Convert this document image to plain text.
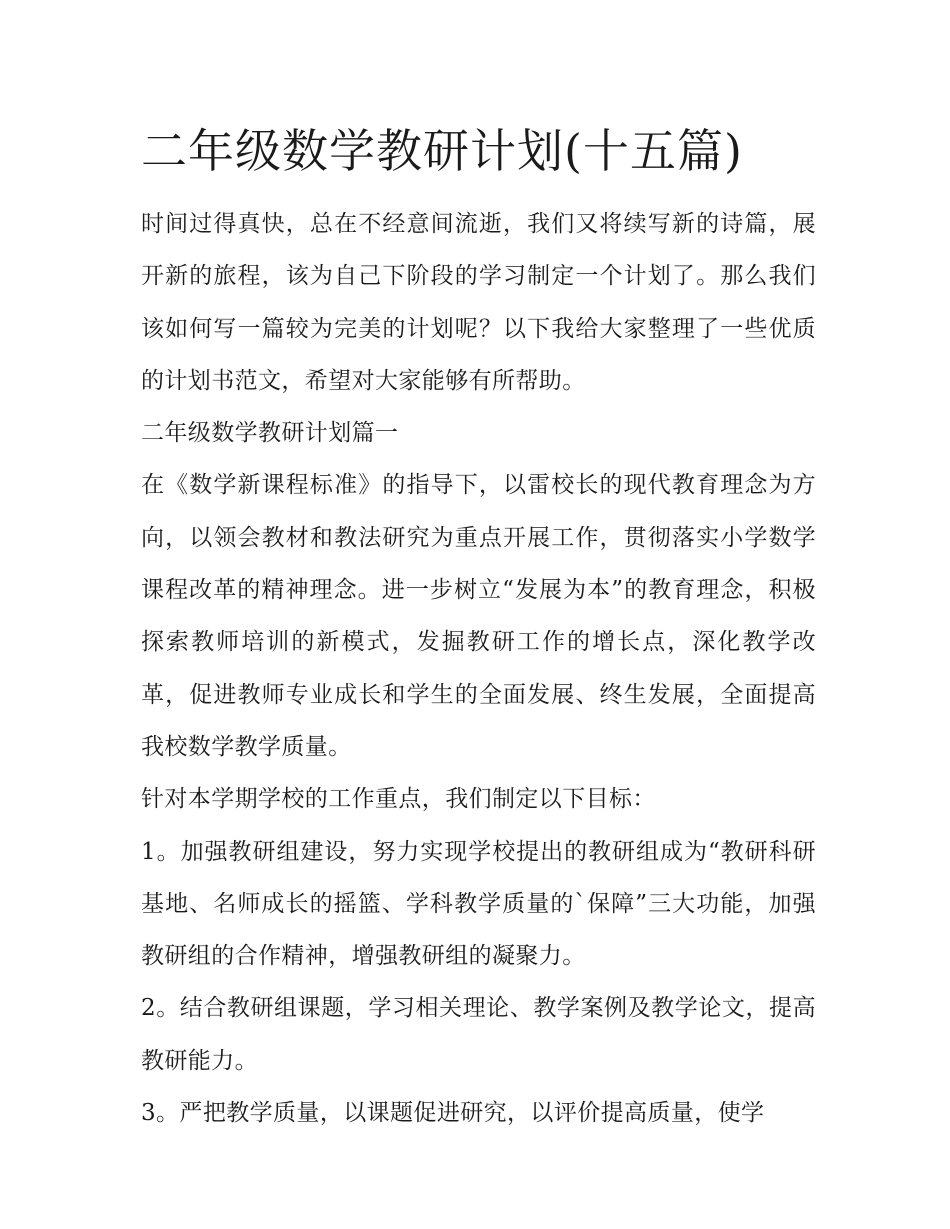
二年级数学教研计划(十五篇)

时间过得真快，总在不经意间流逝，我们又将续写新的诗篇，展开新的旅程，该为自己下阶段的学习制定一个计划了。那么我们该如何写一篇较为完美的计划呢？以下我给大家整理了一些优质的计划书范文，希望对大家能够有所帮助。

二年级数学教研计划篇一

在《数学新课程标准》的指导下，以雷校长的现代教育理念为方向，以领会教材和教法研究为重点开展工作，贯彻落实小学数学课程改革的精神理念。进一步树立“发展为本”的教育理念，积极探索教师培训的新模式，发掘教研工作的增长点，深化教学改革，促进教师专业成长和学生的全面发展、终生发展，全面提高我校数学教学质量。

针对本学期学校的工作重点，我们制定以下目标：

1。加强教研组建设，努力实现学校提出的教研组成为“教研科研基地、名师成长的摇篮、学科教学质量的`保障”三大功能，加强教研组的合作精神，增强教研组的凝聚力。

2。结合教研组课题，学习相关理论、教学案例及教学论文，提高教研能力。

3。严把教学质量，以课题促进研究，以评价提高质量，使学
